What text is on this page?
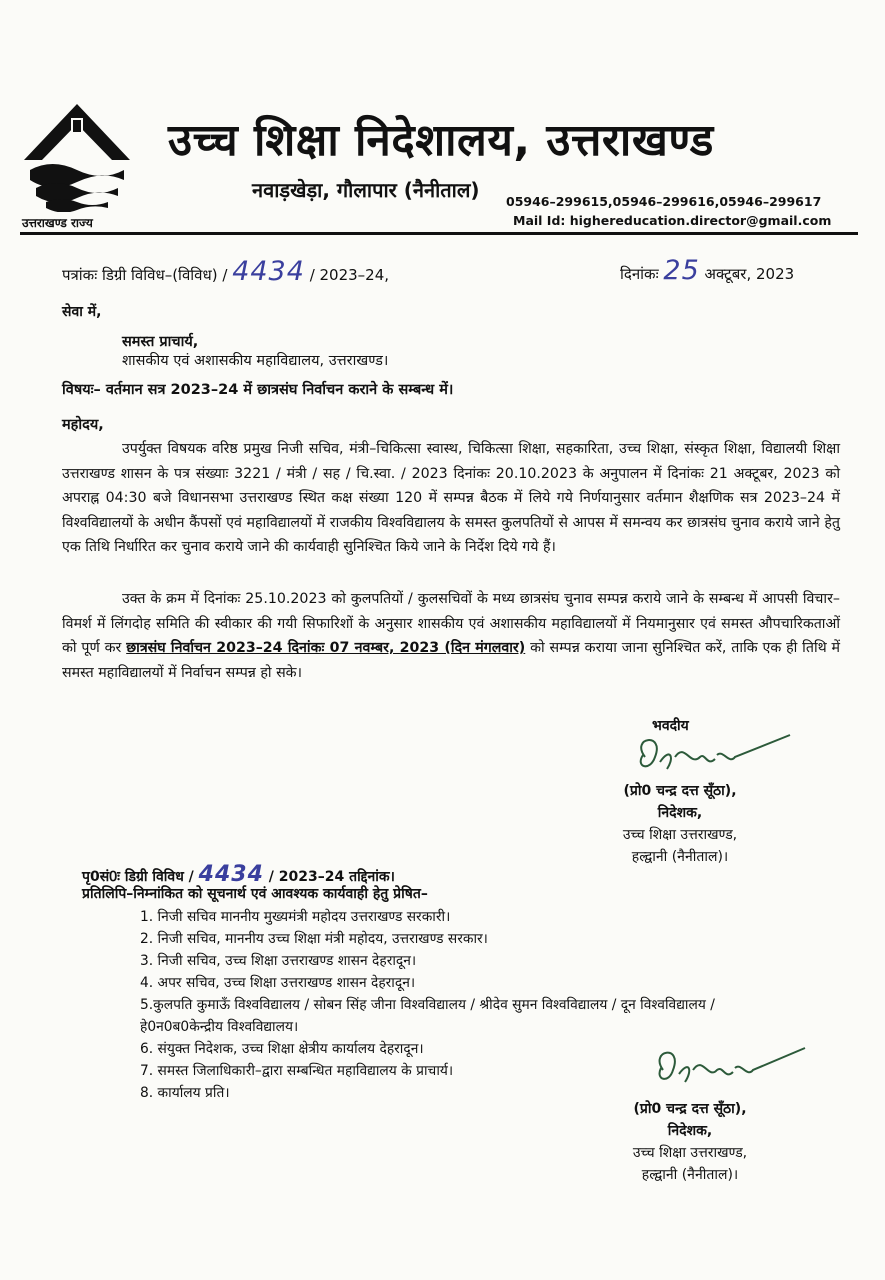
उत्तराखण्ड राज्य
उच्च शिक्षा निदेशालय, उत्तराखण्ड
नवाड़खेड़ा, गौलापार (नैनीताल) 05946–299615,05946–299616,05946–299617
Mail Id: highereducation.director@gmail.com
पत्रांकः डिग्री विविध–(विविध) / 4434 / 2023–24,	दिनांकः 25 अक्टूबर, 2023
सेवा में,
समस्त प्राचार्य,
शासकीय एवं अशासकीय महाविद्यालय, उत्तराखण्ड।
विषयः– वर्तमान सत्र 2023–24 में छात्रसंघ निर्वाचन कराने के सम्बन्ध में।
महोदय,
उपर्युक्त विषयक वरिष्ठ प्रमुख निजी सचिव, मंत्री–चिकित्सा स्वास्थ, चिकित्सा शिक्षा, सहकारिता, उच्च शिक्षा, संस्कृत शिक्षा, विद्यालयी शिक्षा उत्तराखण्ड शासन के पत्र संख्याः 3221 / मंत्री / सह / चि.स्वा. / 2023 दिनांकः 20.10.2023 के अनुपालन में दिनांकः 21 अक्टूबर, 2023 को अपराह्न 04:30 बजे विधानसभा उत्तराखण्ड स्थित कक्ष संख्या 120 में सम्पन्न बैठक में लिये गये निर्णयानुसार वर्तमान शैक्षणिक सत्र 2023–24 में विश्वविद्यालयों के अधीन कैंपसों एवं महाविद्यालयों में राजकीय विश्वविद्यालय के समस्त कुलपतियों से आपस में समन्वय कर छात्रसंघ चुनाव कराये जाने हेतु एक तिथि निर्धारित कर चुनाव कराये जाने की कार्यवाही सुनिश्चित किये जाने के निर्देश दिये गये हैं।
उक्त के क्रम में दिनांकः 25.10.2023 को कुलपतियों / कुलसचिवों के मध्य छात्रसंघ चुनाव सम्पन्न कराये जाने के सम्बन्ध में आपसी विचार–विमर्श में लिंगदोह समिति की स्वीकार की गयी सिफारिशों के अनुसार शासकीय एवं अशासकीय महाविद्यालयों में नियमानुसार एवं समस्त औपचारिकताओं को पूर्ण कर छात्रसंघ निर्वाचन 2023–24 दिनांकः 07 नवम्बर, 2023 (दिन मंगलवार) को सम्पन्न कराया जाना सुनिश्चित करें, ताकि एक ही तिथि में समस्त महाविद्यालयों में निर्वाचन सम्पन्न हो सके।
भवदीय
(प्रो0 चन्द्र दत्त सूँठा),
निदेशक,
उच्च शिक्षा उत्तराखण्ड,
हल्द्वानी (नैनीताल)।
पृ0सं0ः डिग्री विविध / 4434 / 2023–24 तद्दिनांक।
प्रतिलिपि–निम्नांकित को सूचनार्थ एवं आवश्यक कार्यवाही हेतु प्रेषित–
1. निजी सचिव माननीय मुख्यमंत्री महोदय उत्तराखण्ड सरकारी।
2. निजी सचिव, माननीय उच्च शिक्षा मंत्री महोदय, उत्तराखण्ड सरकार।
3. निजी सचिव, उच्च शिक्षा उत्तराखण्ड शासन देहरादून।
4. अपर सचिव, उच्च शिक्षा उत्तराखण्ड शासन देहरादून।
5.कुलपति कुमाऊँ विश्वविद्यालय / सोबन सिंह जीना विश्वविद्यालय / श्रीदेव सुमन विश्वविद्यालय / दून विश्वविद्यालय / हे0न0ब0केन्द्रीय विश्वविद्यालय।
6. संयुक्त निदेशक, उच्च शिक्षा क्षेत्रीय कार्यालय देहरादून।
7. समस्त जिलाधिकारी–द्वारा सम्बन्धित महाविद्यालय के प्राचार्य।
8. कार्यालय प्रति।
(प्रो0 चन्द्र दत्त सूँठा),
निदेशक,
उच्च शिक्षा उत्तराखण्ड,
हल्द्वानी (नैनीताल)।
